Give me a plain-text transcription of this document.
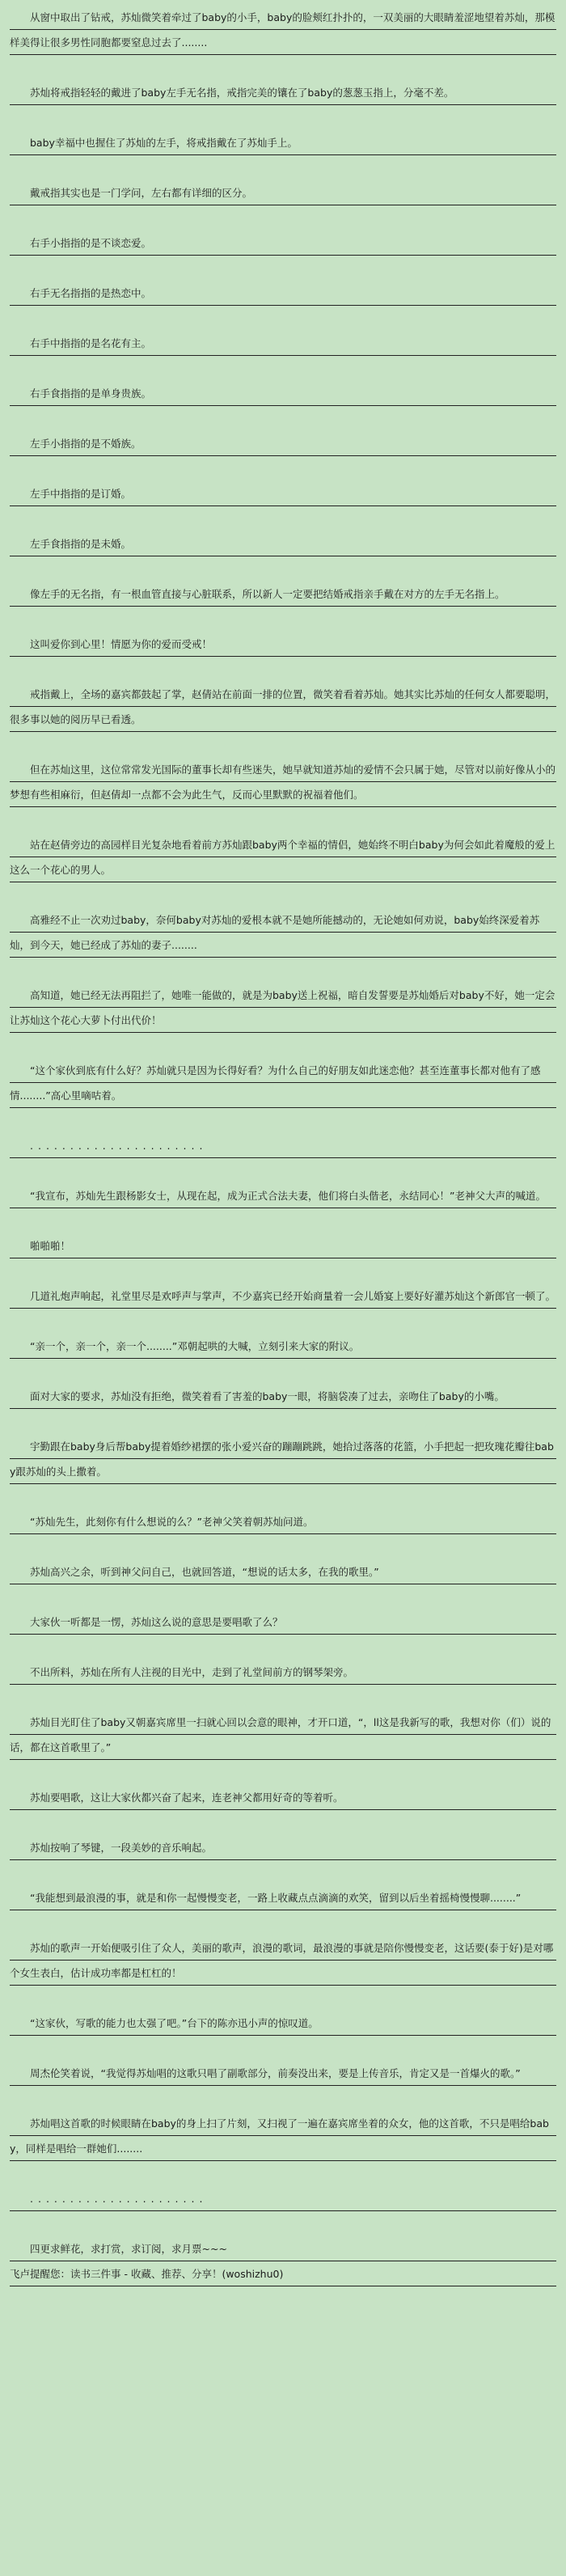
从窗中取出了钻戒，苏灿微笑着牵过了baby的小手，baby的脸颊红扑扑的，一双美丽的大眼睛羞涩地望着苏灿，那模样美得让很多男性同胞都要窒息过去了........

苏灿将戒指轻轻的戴进了baby左手无名指，戒指完美的镶在了baby的葱葱玉指上，分毫不差。

baby幸福中也握住了苏灿的左手，将戒指戴在了苏灿手上。

戴戒指其实也是一门学问，左右都有详细的区分。

右手小指指的是不谈恋爱。

右手无名指指的是热恋中。

右手中指指的是名花有主。

右手食指指的是单身贵族。

左手小指指的是不婚族。

左手中指指的是订婚。

左手食指指的是未婚。

像左手的无名指，有一根血管直接与心脏联系，所以新人一定要把结婚戒指亲手戴在对方的左手无名指上。

这叫爱你到心里！情愿为你的爱而受戒！

戒指戴上，全场的嘉宾都鼓起了掌，赵倩站在前面一排的位置，微笑着看着苏灿。她其实比苏灿的任何女人都要聪明，很多事以她的阅历早已看透。

但在苏灿这里，这位常常发光国际的董事长却有些迷失，她早就知道苏灿的爱情不会只属于她，尽管对以前好像从小的梦想有些相麻衍，但赵倩却一点都不会为此生气，反而心里默默的祝福着他们。

站在赵倩旁边的高园样目光复杂地看着前方苏灿跟baby两个幸福的情侣，她始终不明白baby为何会如此着魔般的爱上这么一个花心的男人。

高雅经不止一次劝过baby，奈何baby对苏灿的爱根本就不是她所能撼动的，无论她如何劝说，baby始终深爱着苏灿，到今天，她已经成了苏灿的妻子........

高知道，她已经无法再阻拦了，她唯一能做的，就是为baby送上祝福，暗自发誓要是苏灿婚后对baby不好，她一定会让苏灿这个花心大萝卜付出代价！

“这个家伙到底有什么好？苏灿就只是因为长得好看？为什么自己的好朋友如此迷恋他？甚至连董事长都对他有了感情........”高心里嘀咕着。

......................

“我宣布，苏灿先生跟杨影女士，从现在起，成为正式合法夫妻，他们将白头偕老，永结同心！”老神父大声的喊道。

啪啪啪！

几道礼炮声响起，礼堂里尽是欢呼声与掌声，不少嘉宾已经开始商量着一会儿婚宴上要好好灌苏灿这个新郎官一顿了。

“亲一个，亲一个，亲一个........”邓朝起哄的大喊，立刻引来大家的附议。

面对大家的要求，苏灿没有拒绝，微笑着看了害羞的baby一眼，将脑袋凑了过去，亲吻住了baby的小嘴。

宇勤跟在baby身后帮baby提着婚纱裙摆的张小爱兴奋的蹦蹦跳跳，她拾过落落的花篮，小手把起一把玫瑰花瓣往baby跟苏灿的头上撒着。

“苏灿先生，此刻你有什么想说的么？”老神父笑着朝苏灿问道。

苏灿高兴之余，听到神父问自己，也就回答道，“想说的话太多，在我的歌里。”

大家伙一听都是一愣，苏灿这么说的意思是要唱歌了么？

不出所料，苏灿在所有人注视的目光中，走到了礼堂间前方的钢琴架旁。

苏灿目光盯住了baby又朝嘉宾席里一扫就心回以会意的眼神，才开口道，“，ll这是我新写的歌，我想对你（们）说的话，都在这首歌里了。”

苏灿要唱歌，这让大家伙都兴奋了起来，连老神父都用好奇的等着听。

苏灿按响了琴键，一段美妙的音乐响起。

“我能想到最浪漫的事，就是和你一起慢慢变老，一路上收藏点点滴滴的欢笑，留到以后坐着摇椅慢慢聊........”

苏灿的歌声一开始便吸引住了众人，美丽的歌声，浪漫的歌词，最浪漫的事就是陪你慢慢变老，这话要(泰于好)是对哪个女生表白，估计成功率都是杠杠的！

“这家伙，写歌的能力也太强了吧。”台下的陈亦迅小声的惊叹道。

周杰伦笑着说，“我觉得苏灿唱的这歌只唱了副歌部分，前奏没出来，要是上传音乐，肯定又是一首爆火的歌。”

苏灿唱这首歌的时候眼睛在baby的身上扫了片刻，又扫视了一遍在嘉宾席坐着的众女，他的这首歌，不只是唱给baby，同样是唱给一群她们........

......................

四更求鲜花，求打赏，求订阅，求月票~~~

飞卢提醒您：读书三件事 - 收藏、推荐、分享！(woshizhu0)
